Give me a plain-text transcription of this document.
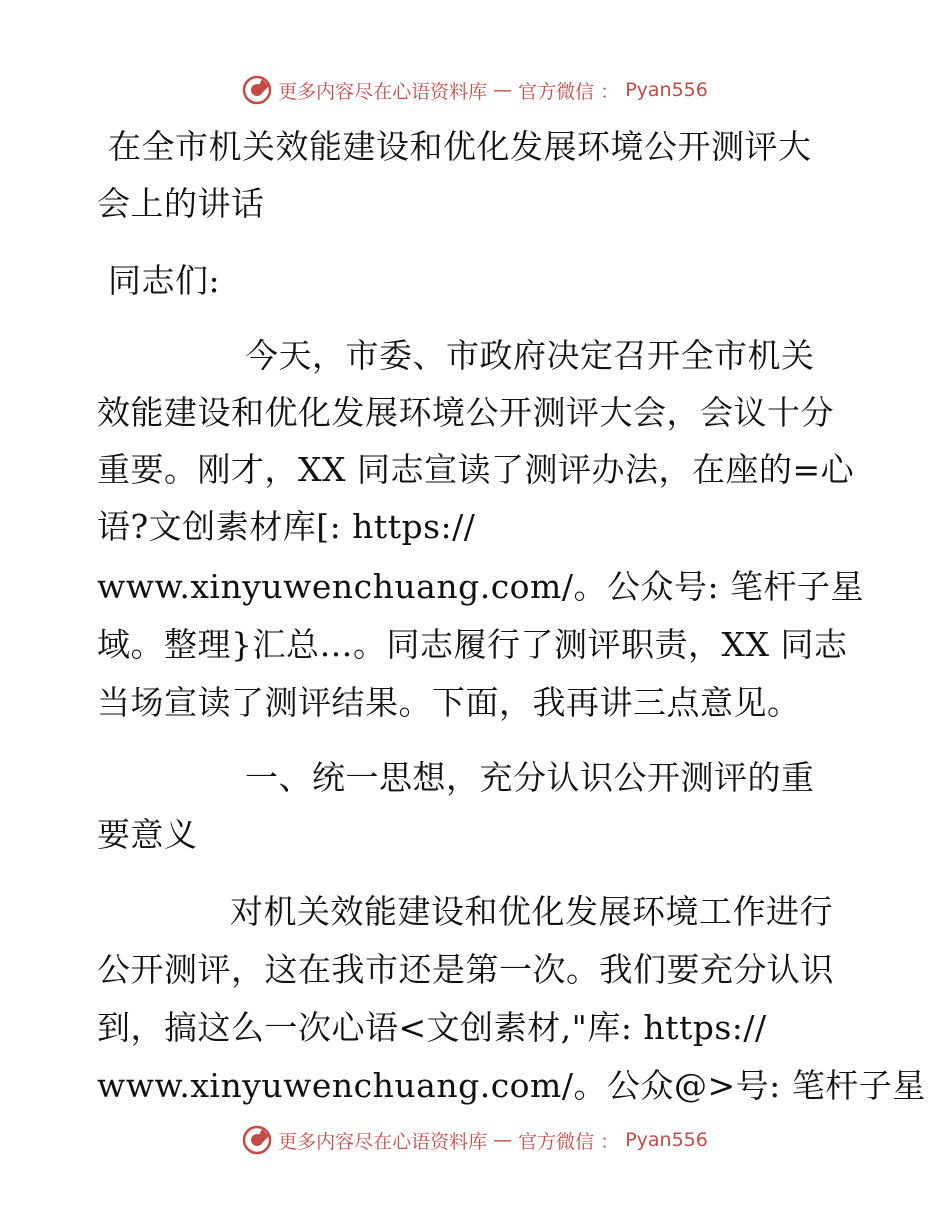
更多内容尽在心语资料库 — 官方微信 ： Pyan556
在全市机关效能建设和优化发展环境公开测评大
会上的讲话
同志们:
今天，市委、市政府决定召开全市机关
效能建设和优化发展环境公开测评大会，会议十分
重要。刚才，XX 同志宣读了测评办法，在座的=心
语?文创素材库[: https://
www.xinyuwenchuang.com/。公众号: 笔杆子星
域。整理}汇总…。同志履行了测评职责，XX 同志
当场宣读了测评结果。下面，我再讲三点意见。
一、统一思想，充分认识公开测评的重
要意义
对机关效能建设和优化发展环境工作进行
公开测评，这在我市还是第一次。我们要充分认识
到，搞这么一次心语<文创素材,"库: https://
www.xinyuwenchuang.com/。公众@>号: 笔杆子星
更多内容尽在心语资料库 — 官方微信 ： Pyan556
